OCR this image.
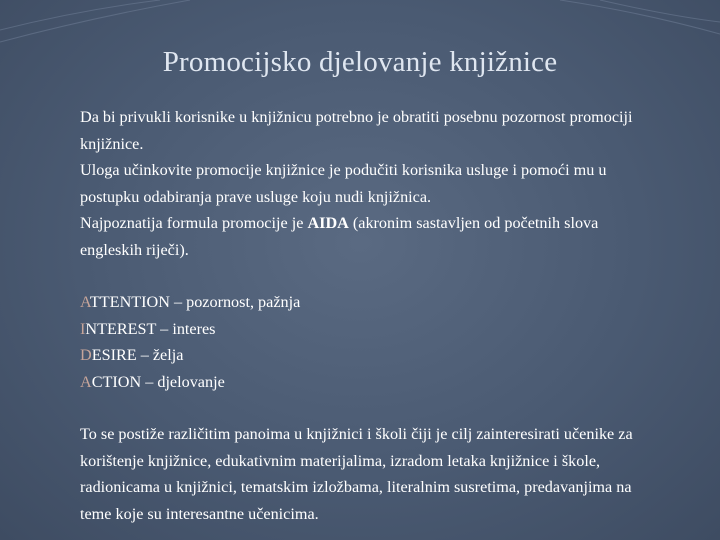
Promocijsko djelovanje knjižnice

Da bi privukli korisnike u knjižnicu potrebno je obratiti posebnu pozornost promociji knjižnice.

Uloga učinkovite promocije knjižnice je podučiti korisnika usluge i pomoći mu u postupku odabiranja prave usluge koju nudi knjižnica.

Najpoznatija formula promocije je AIDA (akronim sastavljen od početnih slova engleskih riječi).

ATTENTION – pozornost, pažnja

INTEREST – interes

DESIRE – želja

ACTION – djelovanje

To se postiže različitim panoima u knjižnici i školi čiji je cilj zainteresirati učenike za korištenje knjižnice, edukativnim materijalima, izradom letaka knjižnice i škole, radionicama u knjižnici, tematskim izložbama, literalnim susretima, predavanjima na teme koje su interesantne učenicima.
